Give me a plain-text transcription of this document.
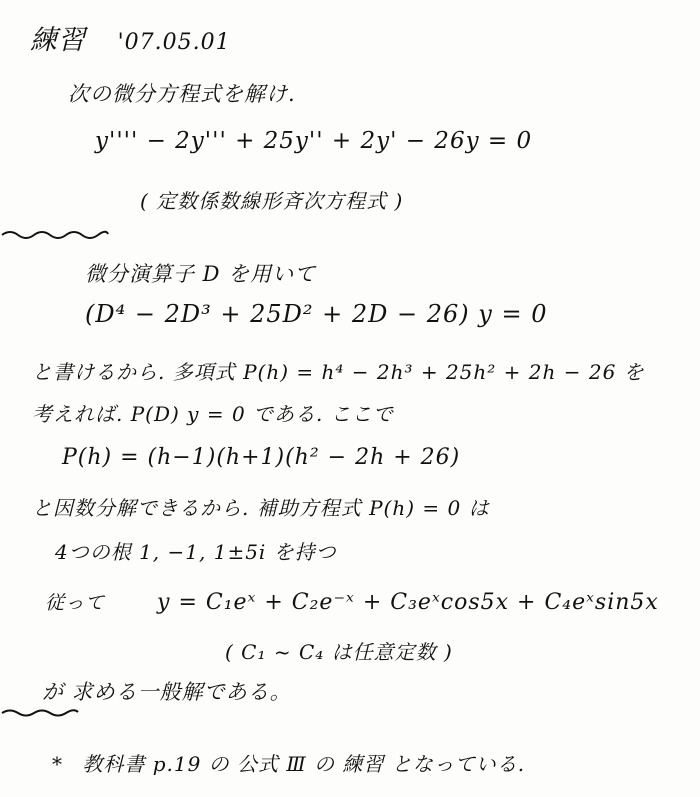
練習 '07.05.01
次の微分方程式を解け.
y'''' − 2y''' + 25y'' + 2y' − 26y = 0
( 定数係数線形斉次方程式 )
微分演算子 D を用いて
(D⁴ − 2D³ + 25D² + 2D − 26) y = 0
と書けるから. 多項式 P(h) = h⁴ − 2h³ + 25h² + 2h − 26 を
考えれば. P(D) y = 0 である. ここで
P(h) = (h−1)(h+1)(h² − 2h + 26)
と因数分解できるから. 補助方程式 P(h) = 0 は
4つの根 1, −1, 1±5i を持つ
従って y = C₁eˣ + C₂e⁻ˣ + C₃eˣcos5x + C₄eˣsin5x
( C₁ ~ C₄ は任意定数 )
が 求める一般解である。
* 教科書 p.19 の 公式 Ⅲ の 練習 となっている.
